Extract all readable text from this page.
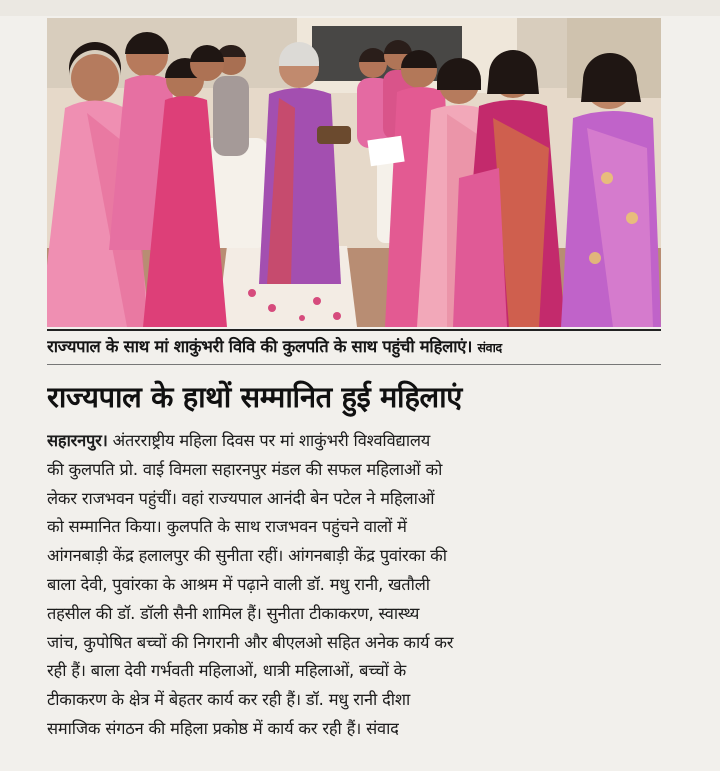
राज्यपाल के साथ मां शाकुंभरी विवि की कुलपति के साथ पहुंची महिलाएं। संवाद
राज्यपाल के हाथों सम्मानित हुई महिलाएं
सहारनपुर। अंतरराष्ट्रीय महिला दिवस पर मां शाकुंभरी विश्वविद्यालय
की कुलपति प्रो. वाई विमला सहारनपुर मंडल की सफल महिलाओं को
लेकर राजभवन पहुंचीं। वहां राज्यपाल आनंदी बेन पटेल ने महिलाओं
को सम्मानित किया। कुलपति के साथ राजभवन पहुंचने वालों में
आंगनबाड़ी केंद्र हलालपुर की सुनीता रहीं। आंगनबाड़ी केंद्र पुवांरका की
बाला देवी, पुवांरका के आश्रम में पढ़ाने वाली डॉ. मधु रानी, खतौली
तहसील की डॉ. डॉली सैनी शामिल हैं। सुनीता टीकाकरण, स्वास्थ्य
जांच, कुपोषित बच्चों की निगरानी और बीएलओ सहित अनेक कार्य कर
रही हैं। बाला देवी गर्भवती महिलाओं, धात्री महिलाओं, बच्चों के
टीकाकरण के क्षेत्र में बेहतर कार्य कर रही हैं। डॉ. मधु रानी दीशा
समाजिक संगठन की महिला प्रकोष्ठ में कार्य कर रही हैं। संवाद
